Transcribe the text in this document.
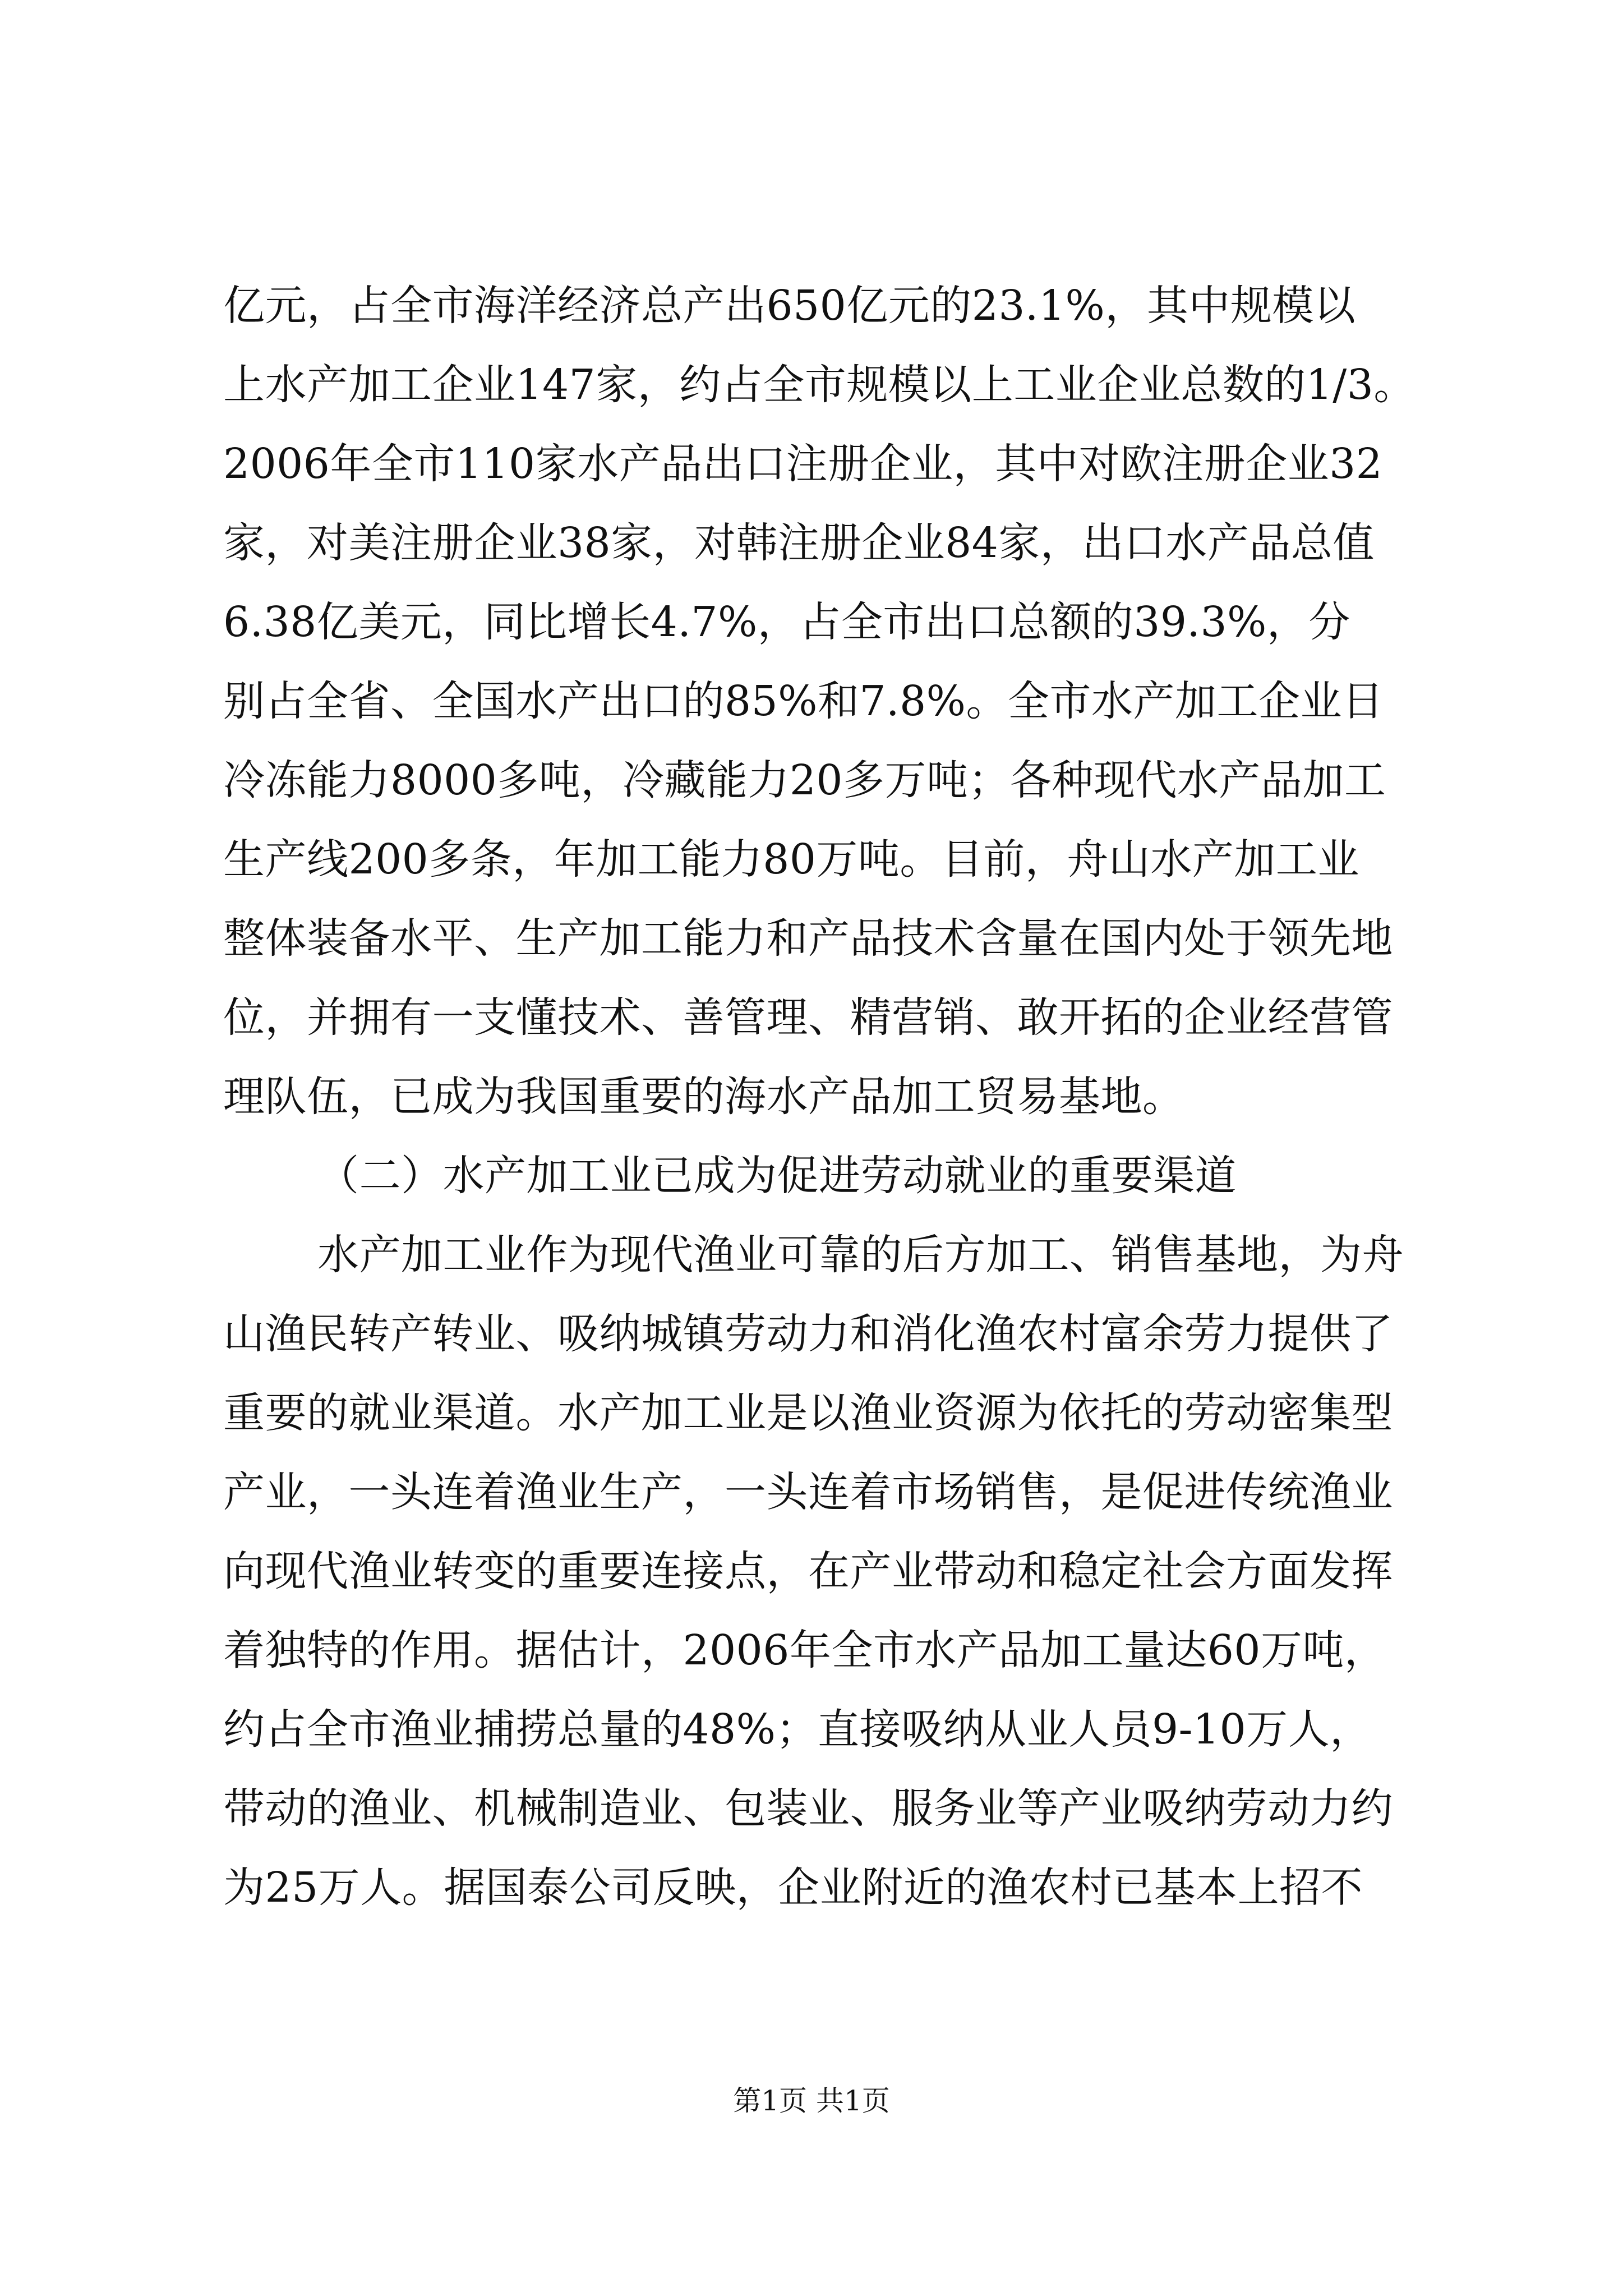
亿元，占全市海洋经济总产出650亿元的23.1%，其中规模以
上水产加工企业147家，约占全市规模以上工业企业总数的1/3。
2006年全市110家水产品出口注册企业，其中对欧注册企业32
家，对美注册企业38家，对韩注册企业84家，出口水产品总值
6.38亿美元，同比增长4.7%，占全市出口总额的39.3%，分
别占全省、全国水产出口的85%和7.8%。全市水产加工企业日
冷冻能力8000多吨，冷藏能力20多万吨；各种现代水产品加工
生产线200多条，年加工能力80万吨。目前，舟山水产加工业
整体装备水平、生产加工能力和产品技术含量在国内处于领先地
位，并拥有一支懂技术、善管理、精营销、敢开拓的企业经营管
理队伍，已成为我国重要的海水产品加工贸易基地。
（二）水产加工业已成为促进劳动就业的重要渠道
水产加工业作为现代渔业可靠的后方加工、销售基地，为舟
山渔民转产转业、吸纳城镇劳动力和消化渔农村富余劳力提供了
重要的就业渠道。水产加工业是以渔业资源为依托的劳动密集型
产业，一头连着渔业生产，一头连着市场销售，是促进传统渔业
向现代渔业转变的重要连接点，在产业带动和稳定社会方面发挥
着独特的作用。据估计，2006年全市水产品加工量达60万吨，
约占全市渔业捕捞总量的48%；直接吸纳从业人员9-10万人，
带动的渔业、机械制造业、包装业、服务业等产业吸纳劳动力约
为25万人。据国泰公司反映，企业附近的渔农村已基本上招不
第1页 共1页
